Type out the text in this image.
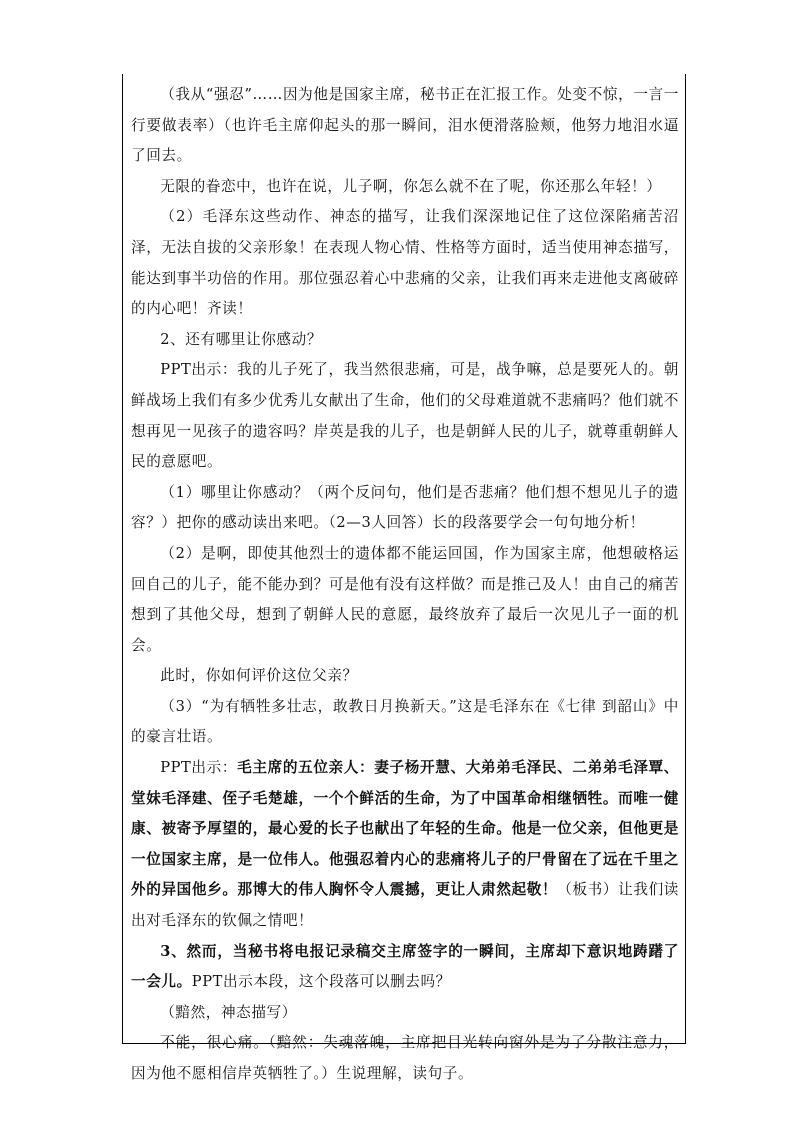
（我从“强忍”……因为他是国家主席，秘书正在汇报工作。处变不惊，一言一行要做表率）（也许毛主席仰起头的那一瞬间，泪水便滑落脸颊，他努力地泪水逼了回去。

无限的眷恋中，也许在说，儿子啊，你怎么就不在了呢，你还那么年轻！）

（2）毛泽东这些动作、神态的描写，让我们深深地记住了这位深陷痛苦沼泽，无法自拔的父亲形象！在表现人物心情、性格等方面时，适当使用神态描写，能达到事半功倍的作用。那位强忍着心中悲痛的父亲，让我们再来走进他支离破碎的内心吧！齐读！

2、还有哪里让你感动？

PPT出示：我的儿子死了，我当然很悲痛，可是，战争嘛，总是要死人的。朝鲜战场上我们有多少优秀儿女献出了生命，他们的父母难道就不悲痛吗？他们就不想再见一见孩子的遗容吗？岸英是我的儿子，也是朝鲜人民的儿子，就尊重朝鲜人民的意愿吧。

（1）哪里让你感动？（两个反问句，他们是否悲痛？他们想不想见儿子的遗容？）把你的感动读出来吧。（2—3人回答）长的段落要学会一句句地分析！

（2）是啊，即使其他烈士的遗体都不能运回国，作为国家主席，他想破格运回自己的儿子，能不能办到？可是他有没有这样做？而是推己及人！由自己的痛苦想到了其他父母，想到了朝鲜人民的意愿，最终放弃了最后一次见儿子一面的机会。

此时，你如何评价这位父亲？

（3）“为有牺牲多壮志，敢教日月换新天。”这是毛泽东在《七律 到韶山》中的豪言壮语。

PPT出示：毛主席的五位亲人：妻子杨开慧、大弟弟毛泽民、二弟弟毛泽覃、堂妹毛泽建、侄子毛楚雄，一个个鲜活的生命，为了中国革命相继牺牲。而唯一健康、被寄予厚望的，最心爱的长子也献出了年轻的生命。他是一位父亲，但他更是一位国家主席，是一位伟人。他强忍着内心的悲痛将儿子的尸骨留在了远在千里之外的异国他乡。那博大的伟人胸怀令人震撼，更让人肃然起敬！（板书）让我们读出对毛泽东的钦佩之情吧！

3、然而，当秘书将电报记录稿交主席签字的一瞬间，主席却下意识地踌躇了一会儿。PPT出示本段，这个段落可以删去吗？

（黯然，神态描写）

不能，很心痛。（黯然：失魂落魄，主席把目光转向窗外是为了分散注意力，因为他不愿相信岸英牺牲了。）生说理解，读句子。
